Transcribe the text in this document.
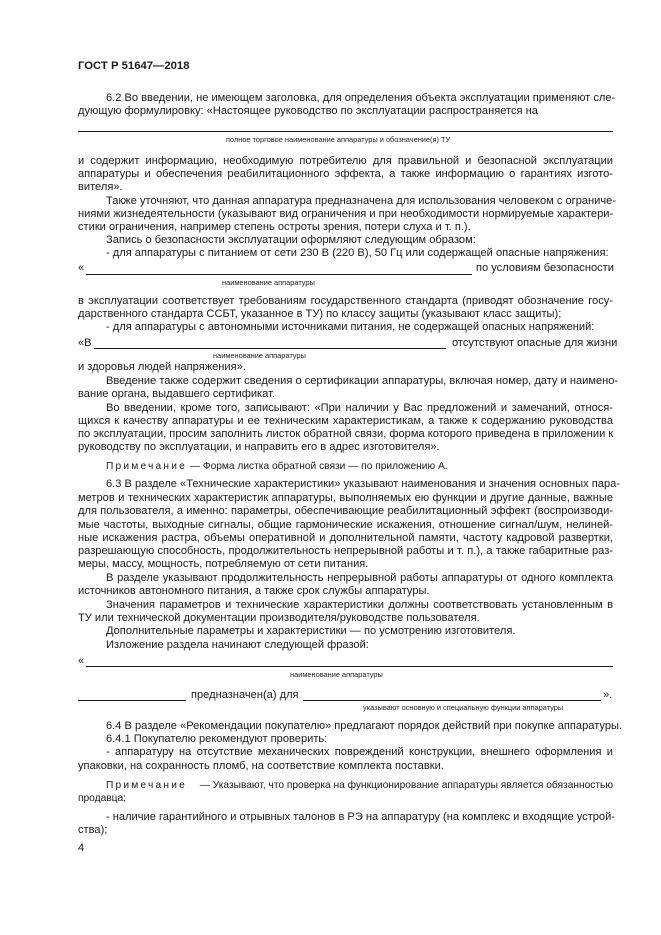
ГОСТ Р 51647—2018
6.2 Во введении, не имеющем заголовка, для определения объекта эксплуатации применяют сле-
дующую формулировку: «Настоящее руководство по эксплуатации распространяется на
полное торговое наименование аппаратуры и обозначение(я) ТУ
и содержит информацию, необходимую потребителю для правильной и безопасной эксплуатации
аппаратуры и обеспечения реабилитационного эффекта, а также информацию о гарантиях изгото-
вителя».
Также уточняют, что данная аппаратура предназначена для использования человеком с ограниче-
ниями жизнедеятельности (указывают вид ограничения и при необходимости нормируемые характери-
стики ограничения, например степень остроты зрения, потери слуха и т. п.).
Запись о безопасности эксплуатации оформляют следующим образом:
- для аппаратуры с питанием от сети 230 В (220 В), 50 Гц или содержащей опасные напряжения:
«	по условиям безопасности
наименование аппаратуры
в эксплуатации соответствует требованиям государственного стандарта (приводят обозначение госу-
дарственного стандарта ССБТ, указанное в ТУ) по классу защиты (указывают класс защиты);
- для аппаратуры с автономными источниками питания, не содержащей опасных напряжений:
«В	отсутствуют опасные для жизни
наименование аппаратуры
и здоровья людей напряжения».
Введение также содержит сведения о сертификации аппаратуры, включая номер, дату и наимено-
вание органа, выдавшего сертификат.
Во введении, кроме того, записывают: «При наличии у Вас предложений и замечаний, относя-
щихся к качеству аппаратуры и ее техническим характеристикам, а также к содержанию руководства
по эксплуатации, просим заполнить листок обратной связи, форма которого приведена в приложении к
руководству по эксплуатации, и направить его в адрес изготовителя».
Примечание — Форма листка обратной связи — по приложению А.
6.3 В разделе «Технические характеристики» указывают наименования и значения основных пара-
метров и технических характеристик аппаратуры, выполняемых ею функции и другие данные, важные
для пользователя, а именно: параметры, обеспечивающие реабилитационный эффект (воспроизводи-
мые частоты, выходные сигналы, общие гармонические искажения, отношение сигнал/шум, нелиней-
ные искажения растра, объемы оперативной и дополнительной памяти, частоту кадровой развертки,
разрешающую способность, продолжительность непрерывной работы и т. п.), а также габаритные раз-
меры, массу, мощность, потребляемую от сети питания.
В разделе указывают продолжительность непрерывной работы аппаратуры от одного комплекта
источников автономного питания, а также срок службы аппаратуры.
Значения параметров и технические характеристики должны соответствовать установленным в
ТУ или технической документации производителя/руководстве пользователя.
Дополнительные параметры и характеристики — по усмотрению изготовителя.
Изложение раздела начинают следующей фразой:
«
наименование аппаратуры
предназначен(а) для	».
указывают основную и специальную функции аппаратуры
6.4 В разделе «Рекомендации покупателю» предлагают порядок действий при покупке аппаратуры.
6.4.1 Покупателю рекомендуют проверить:
- аппаратуру на отсутствие механических повреждений конструкции, внешнего оформления и
упаковки, на сохранность пломб, на соответствие комплекта поставки.
Примечание — Указывают, что проверка на функционирование аппаратуры является обязанностью
продавца;
- наличие гарантийного и отрывных талонов в РЭ на аппаратуру (на комплекс и входящие устрой-
ства);
4
